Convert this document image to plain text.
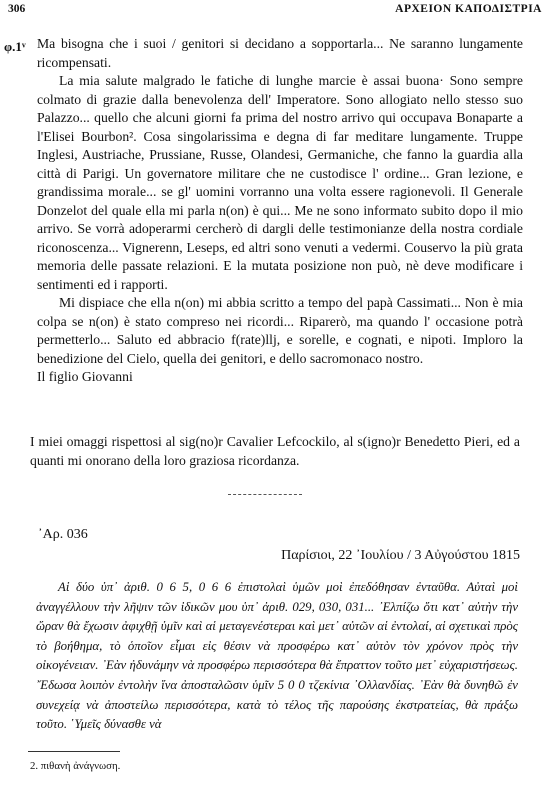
306	ΑΡΧΕΙΟΝ ΚΑΠΟΔΙΣΤΡΙΑ
φ.1ᵛ Ma bisogna che i suoi / genitori si decidano a sopportarla... Ne saranno lungamente ricompensati.

La mia salute malgrado le fatiche di lunghe marcie è assai buona· Sono sempre colmato di grazie dalla benevolenza dell' Imperatore. Sono allogiato nello stesso suo Palazzo... quello che alcuni giorni fa prima del nostro arrivo qui occupava Bonaparte a l'Elisei Bourbon². Cosa singolarissima e degna di far meditare lungamente. Truppe Inglesi, Austriache, Prussiane, Russe, Olandesi, Germaniche, che fanno la guardia alla città di Parigi. Un governatore militare che ne custodisce l' ordine... Gran lezione, e grandissima morale... se gl' uomini vorranno una volta essere ragionevoli. Il Generale Donzelot del quale ella mi parla n(on) è qui... Me ne sono informato subito dopo il mio arrivo. Se vorrà adoperarmi cercherò di dargli delle testimonianze della nostra cordiale riconoscenza... Vignerenn, Leseps, ed altri sono venuti a vedermi. Couservo la più grata memoria delle passate relazioni. E la mutata posizione non può, nè deve modificare i sentimenti ed i rapporti.

Mi dispiace che ella n(on) mi abbia scritto a tempo del papà Cassimati... Non è mia colpa se n(on) è stato compreso nei ricordi... Riparerò, ma quando l' occasione potrà permetterlo... Saluto ed abbracio f(rate)llj, e sorelle, e cognati, e nipoti. Imploro la benedizione del Cielo, quella dei genitori, e dello sacromonaco nostro.

Il figlio Giovanni

I miei omaggi rispettosi al sig(no)r Cavalier Lefcockilo, al s(igno)r Benedetto Pieri, ed a quanti mi onorano della loro graziosa ricordanza.

᾽Αρ. 036
Παρίσιοι, 22 ᾽Ιουλίου / 3 Αὐγούστου 1815

Αἱ δύο ὑπ᾽ ἀριθ. 0 6 5, 0 6 6 ἐπιστολαὶ ὑμῶν μοὶ ἐπεδόθησαν ἐνταῦθα. Αὐταὶ μοὶ ἀναγγέλλουν τὴν λῆψιν τῶν ἰδικῶν μου ὑπ᾽ ἀριθ. 029, 030, 031... ᾽Ελπίζω ὅτι κατ᾽ αὐτὴν τὴν ὥραν θὰ ἔχωσιν ἀφιχθῇ ὑμῖν καὶ αἱ μεταγενέστεραι καὶ μετ᾽ αὐτῶν αἱ ἐντολαί, αἱ σχετικαὶ πρὸς τὸ βοήθημα, τὸ ὁποῖον εἶμαι εἰς θέσιν νὰ προσφέρω κατ᾽ αὐτὸν τὸν χρόνον πρὸς τὴν οἰκογένειαν. ᾽Εὰν ἠδυνάμην νὰ προσφέρω περισσότερα θὰ ἔπραττον τοῦτο μετ᾽ εὐχαριστήσεως. ῎Εδωσα λοιπὸν ἐντολὴν ἵνα ἀποσταλῶσιν ὑμῖν 5 0 0 τζεκίνια ᾽Ολλανδίας. ᾽Εὰν θὰ δυνηθῶ ἐν συνεχείᾳ νὰ ἀποστείλω περισσότερα, κατὰ τὸ τέλος τῆς παρούσης ἐκστρατείας, θὰ πράξω τοῦτο. ῾Υμεῖς δύνασθε νὰ

2. πιθανὴ ἀνάγνωση.
